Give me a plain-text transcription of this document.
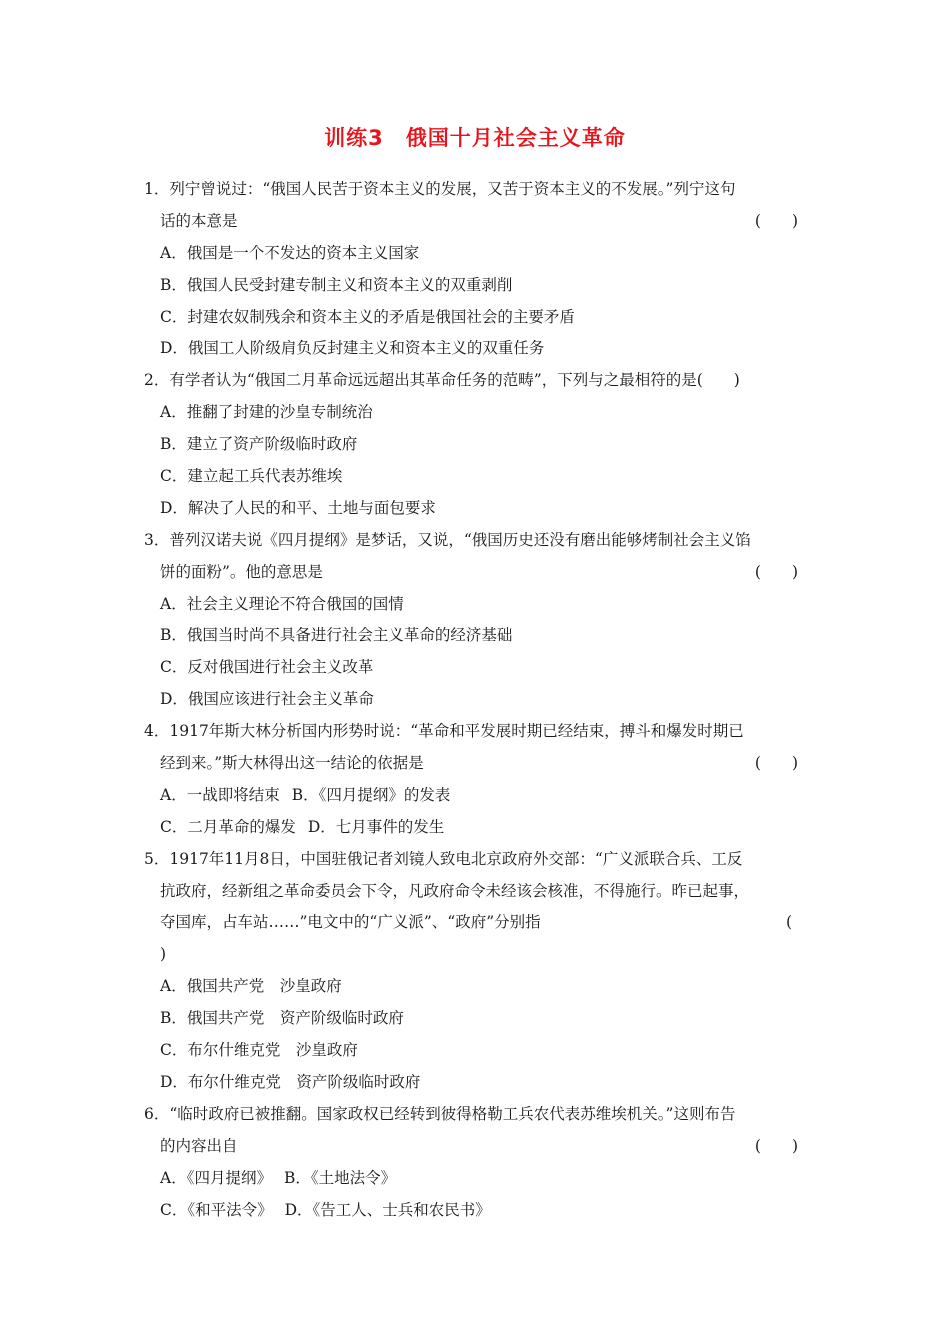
训练3　俄国十月社会主义革命
1．列宁曾说过：“俄国人民苦于资本主义的发展，又苦于资本主义的不发展。”列宁这句
话的本意是	(　　)
A．俄国是一个不发达的资本主义国家
B．俄国人民受封建专制主义和资本主义的双重剥削
C．封建农奴制残余和资本主义的矛盾是俄国社会的主要矛盾
D．俄国工人阶级肩负反封建主义和资本主义的双重任务
2．有学者认为“俄国二月革命远远超出其革命任务的范畴”，下列与之最相符的是(　　 )
A．推翻了封建的沙皇专制统治
B．建立了资产阶级临时政府
C．建立起工兵代表苏维埃
D．解决了人民的和平、土地与面包要求
3．普列汉诺夫说《四月提纲》是梦话，又说，“俄国历史还没有磨出能够烤制社会主义馅
饼的面粉”。他的意思是	(　　)
A．社会主义理论不符合俄国的国情
B．俄国当时尚不具备进行社会主义革命的经济基础
C．反对俄国进行社会主义改革
D．俄国应该进行社会主义革命
4．1917年斯大林分析国内形势时说：“革命和平发展时期已经结束，搏斗和爆发时期已
经到来。”斯大林得出这一结论的依据是	(　　)
A．一战即将结束 B．《四月提纲》的发表
C．二月革命的爆发 D．七月事件的发生
5．1917年11月8日，中国驻俄记者刘镜人致电北京政府外交部：“广义派联合兵、工反
抗政府，经新组之革命委员会下令，凡政府命令未经该会核准，不得施行。昨已起事，
夺国库，占车站……”电文中的“广义派”、“政府”分别指	(
)
A．俄国共产党　沙皇政府
B．俄国共产党　资产阶级临时政府
C．布尔什维克党　沙皇政府
D．布尔什维克党　资产阶级临时政府
6．“临时政府已被推翻。国家政权已经转到彼得格勒工兵农代表苏维埃机关。”这则布告
的内容出自	(　　)
A．《四月提纲》 B．《土地法令》
C．《和平法令》 D．《告工人、士兵和农民书》
